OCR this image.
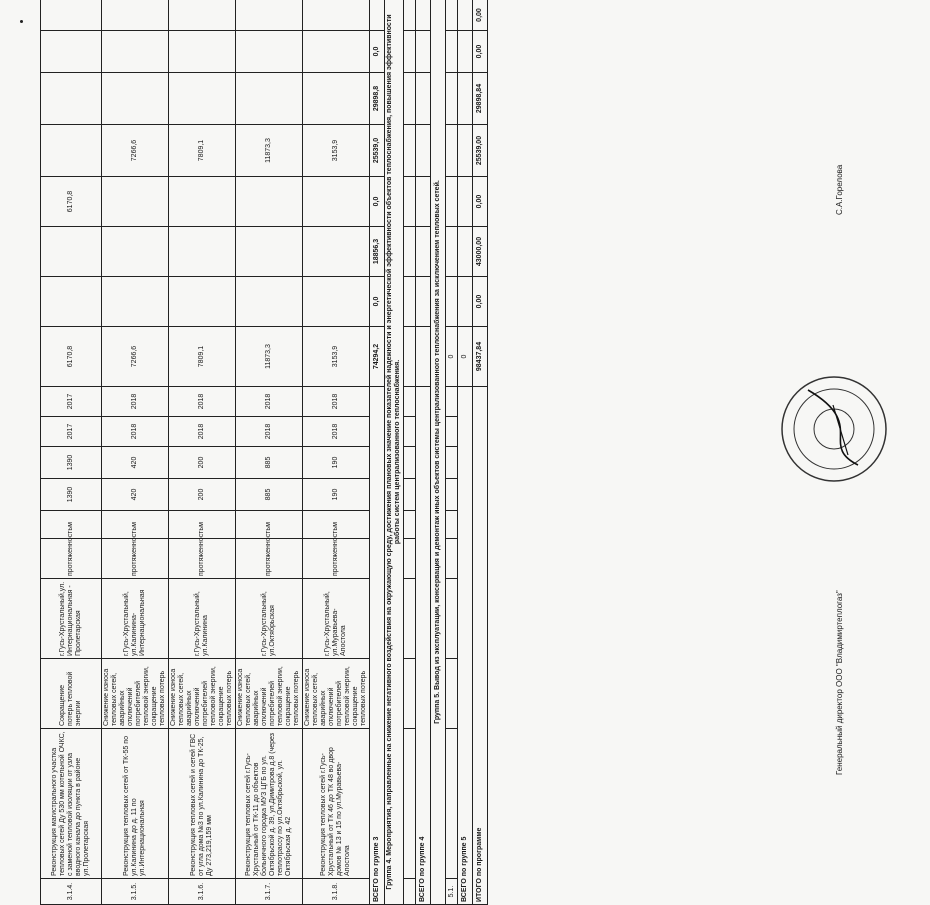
3.1.4.	Реконструкция магистрального участка тепловых сетей Ду 530 мм котельной ОЧКС, с заменой тепловой изоляции от узла вводного канала до пункта в районе ул.Пролетарская	Сокращение потерь тепловой энергии	г.Гусь-Хрустальный,ул. Интернациональная - Пролетарская	протяженность	м	1390	1390	2017	2017	6170,8			6170,8				
3.1.5.	Реконструкция тепловых сетей от ТК-55 по ул.Калинина до д. 11 по ул.Интернациональная	Снижение износа тепловых сетей, аварийных отключений потребителей тепловой энергии, сокращение тепловых потерь	г.Гусь-Хрустальный, ул.Калинина- Интернациональная	протяженность	м	420	420	2018	2018	7266,6				7266,6			
3.1.6.	Реконструкция тепловых сетей и сетей ГВС от угла дома №3 по ул.Калинина до ТК-25, Ду 273,219,159 мм	Снижение износа тепловых сетей, аварийных отключений потребителей тепловой энергии, сокращение тепловых потерь	г.Гусь-Хрустальный, ул.Калинина	протяженность	м	200	200	2018	2018	7809,1				7809,1			
3.1.7.	Реконструкция тепловых сетей г.Гусь-Хрустальный от ТК-11 до объектов больничного городка МУЗ ЦГБ по ул. Октябрьской д. 39, ул.Димитрова д.8 (через теплотрассу по ул.Октябрьской, ул. Октябрьская д. 42	Снижение износа тепловых сетей, аварийных отключений потребителей тепловой энергии, сокращение тепловых потерь	г.Гусь-Хрустальный, ул.Октябрьская	протяженность	м	885	885	2018	2018	11873,3				11873,3			
3.1.8.	Реконструкция тепловых сетей г.Гусь-Хрустальный от ТК 46 до ТК 48 во двор домов № 13 и 15 по ул.Муравьева-Апостола	Снижение износа тепловых сетей, аварийных отключений потребителей тепловой энергии, сокращение тепловых потерь	г.Гусь-Хрустальный, ул.Муравьева-Апостола	протяженность	м	190	190	2018	2018	3153,9				3153,9			
ВСЕГО по группе 3										74294,2	0,0	18856,3	0,0	25539,0	29898,8	0,0	
Группа 4. Мероприятия, направленные на снижение негативного воздействия на окружающую среду, достижения плановых значение показателей надежности и энергетической эффективности объектов теплоснабжения, повышения эффективности работы систем централизованного теплоснабжения.																	

ВСЕГО по группе 4																	
Группа 5. Вывод из эксплуатации, консервация и демонтаж иных объектов системы централизованного теплоснабжения за исключением тепловых сетей.																	
5.1.										0							
ВСЕГО по группе 5										0							
ИТОГО по программе										98437,84	0,00	43000,00	0,00	25539,00	29898,84	0,00	0,00
Генеральный директор ООО "Владимиртеплогаз"
С.А.Горелова
